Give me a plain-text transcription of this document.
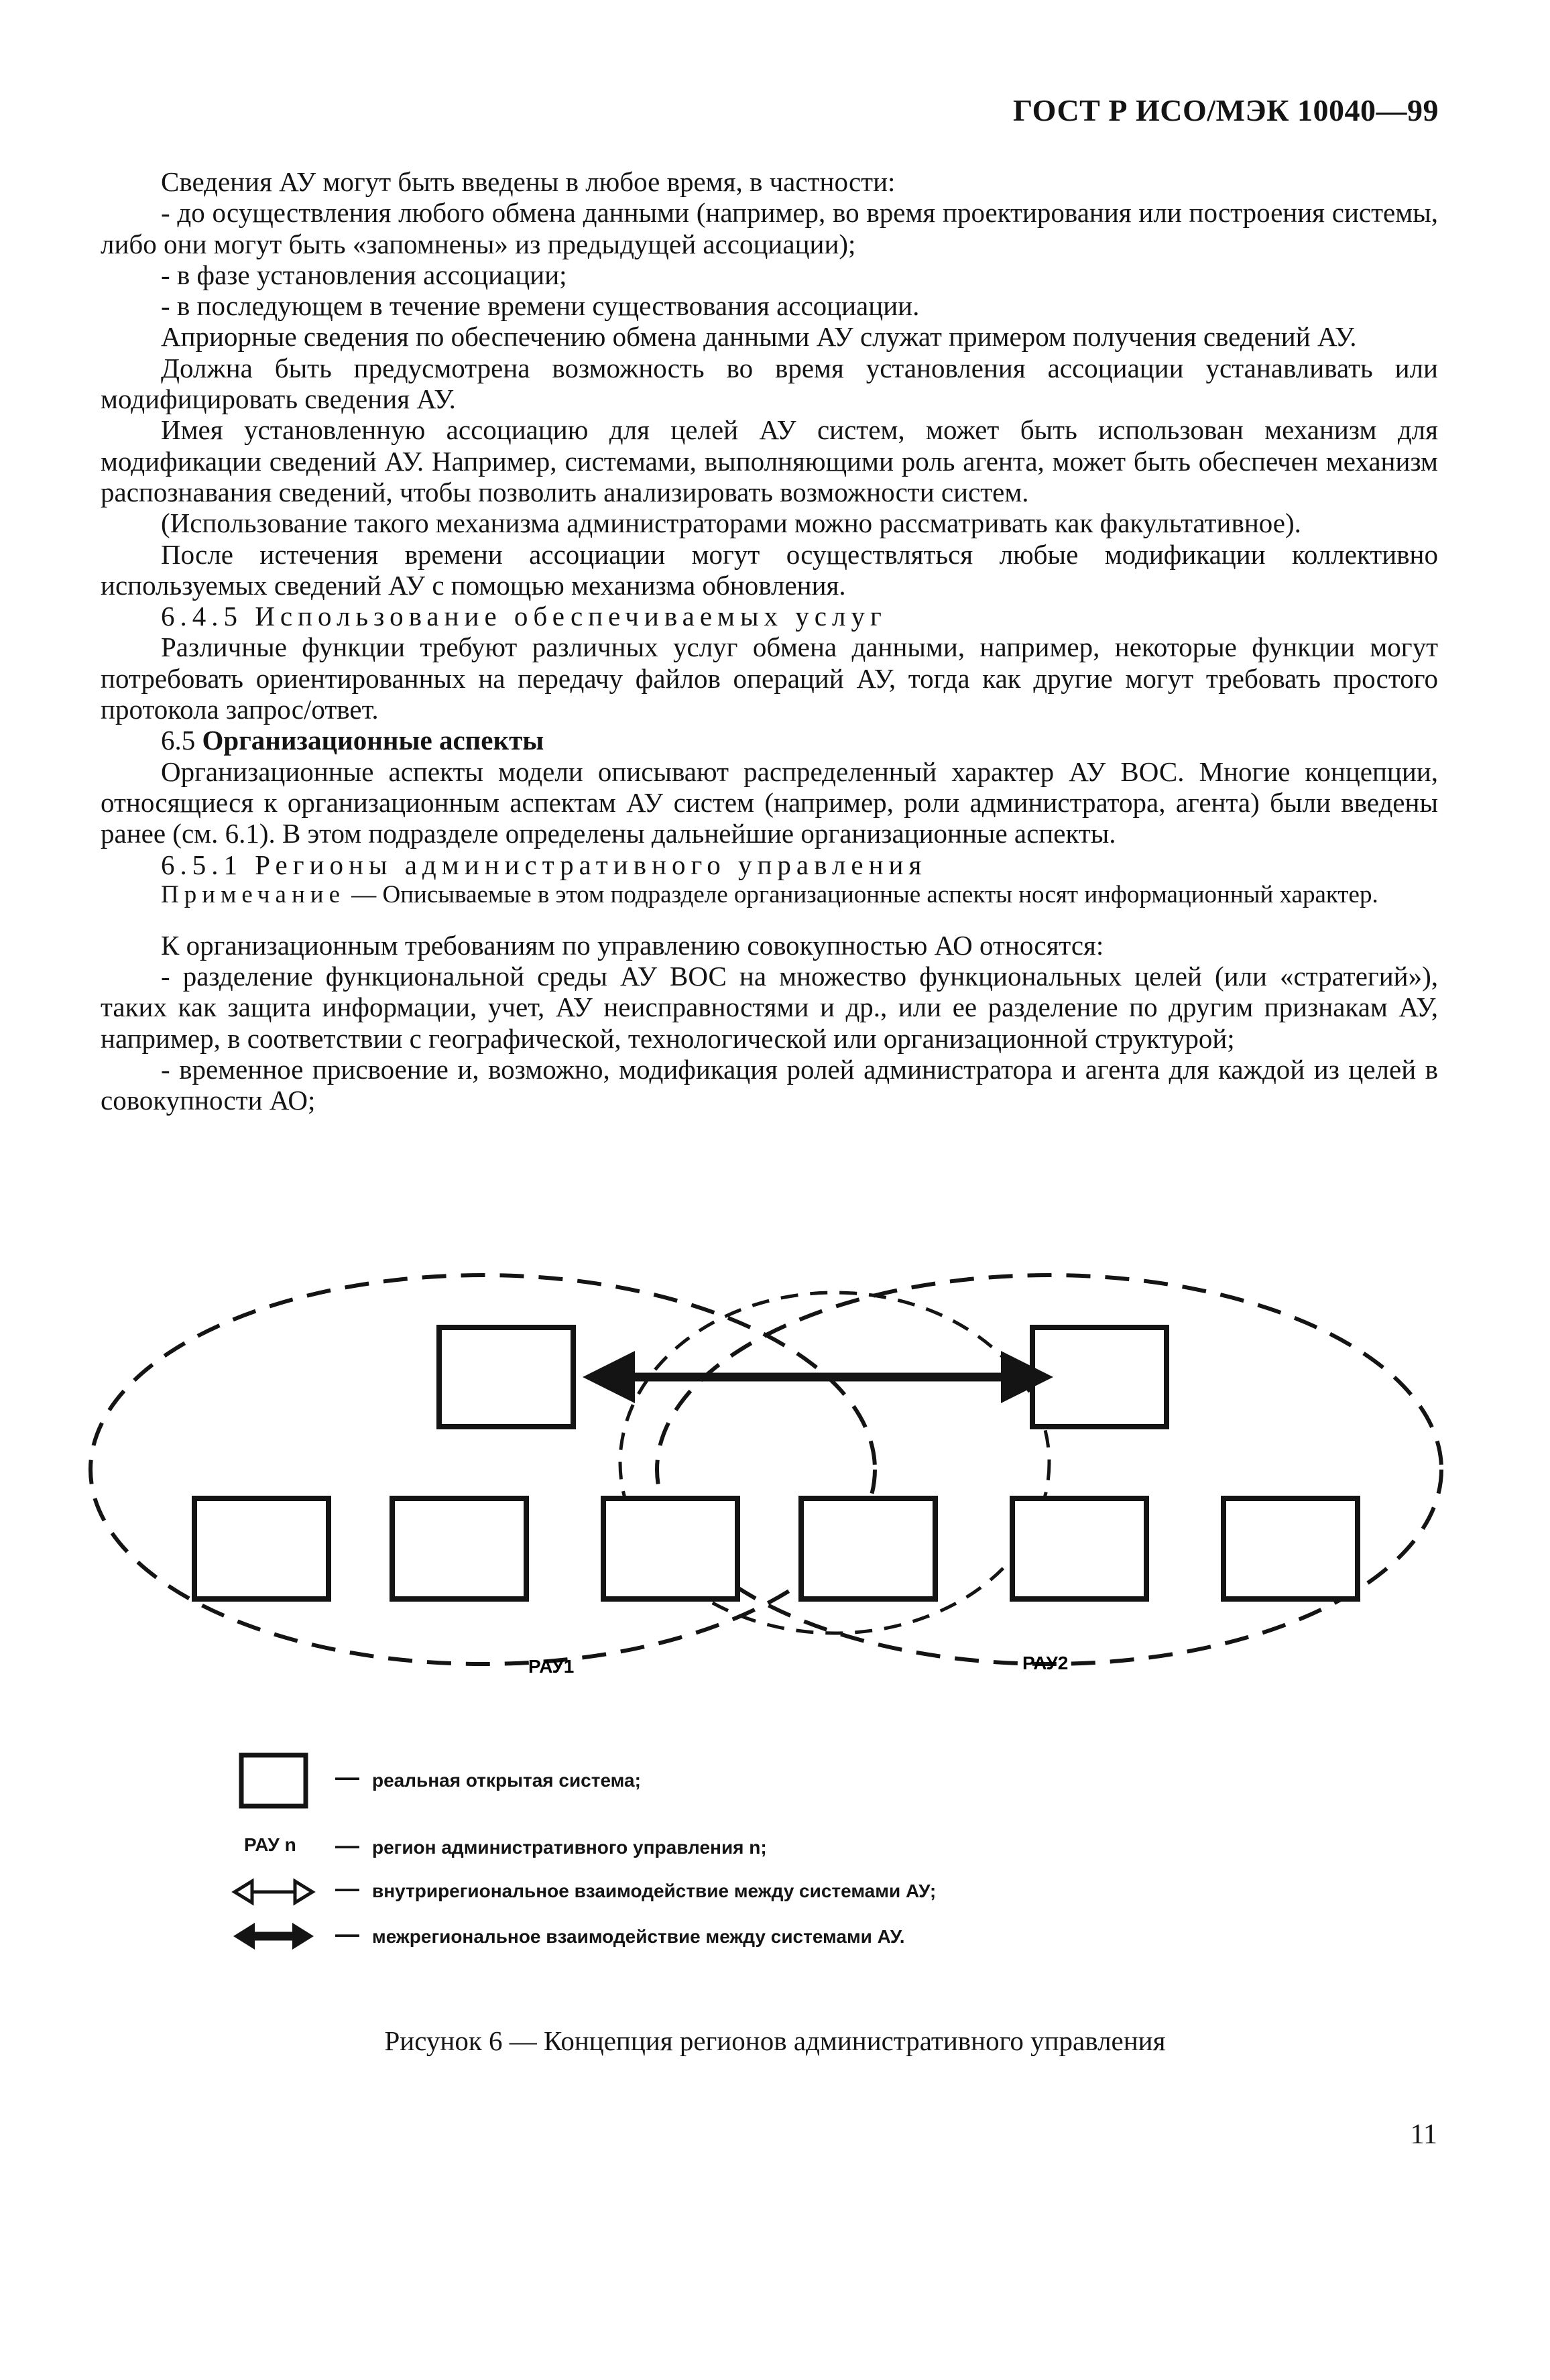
ГОСТ Р ИСО/МЭК 10040—99

Сведения АУ могут быть введены в любое время, в частности:

- до осуществления любого обмена данными (например, во время проектирования или построения системы, либо они могут быть «запомнены» из предыдущей ассоциации);

- в фазе установления ассоциации;

- в последующем в течение времени существования ассоциации.

Априорные сведения по обеспечению обмена данными АУ служат примером получения сведений АУ.

Должна быть предусмотрена возможность во время установления ассоциации устанавливать или модифицировать сведения АУ.

Имея установленную ассоциацию для целей АУ систем, может быть использован механизм для модификации сведений АУ. Например, системами, выполняющими роль агента, может быть обеспечен механизм распознавания сведений, чтобы позволить анализировать возможности систем.

(Использование такого механизма администраторами можно рассматривать как факультативное).

После истечения времени ассоциации могут осуществляться любые модификации коллективно используемых сведений АУ с помощью механизма обновления.

6.4.5 Использование обеспечиваемых услуг

Различные функции требуют различных услуг обмена данными, например, некоторые функции могут потребовать ориентированных на передачу файлов операций АУ, тогда как другие могут требовать простого протокола запрос/ответ.

6.5 Организационные аспекты

Организационные аспекты модели описывают распределенный характер АУ ВОС. Многие концепции, относящиеся к организационным аспектам АУ систем (например, роли администратора, агента) были введены ранее (см. 6.1). В этом подразделе определены дальнейшие организационные аспекты.

6.5.1 Регионы административного управления

Примечание — Описываемые в этом подразделе организационные аспекты носят информационный характер.

К организационным требованиям по управлению совокупностью АО относятся:

- разделение функциональной среды АУ ВОС на множество функциональных целей (или «стратегий»), таких как защита информации, учет, АУ неисправностями и др., или ее разделение по другим признакам АУ, например, в соответствии с географической, технологической или организационной структурой;

- временное присвоение и, возможно, модификация ролей администратора и агента для каждой из целей в совокупности АО;

РАУ1	РАУ2
— реальная открытая система;
РАУ n — регион административного управления n;
— внутрирегиональное взаимодействие между системами АУ;
— межрегиональное взаимодействие между системами АУ.
Рисунок 6 — Концепция регионов административного управления
11
